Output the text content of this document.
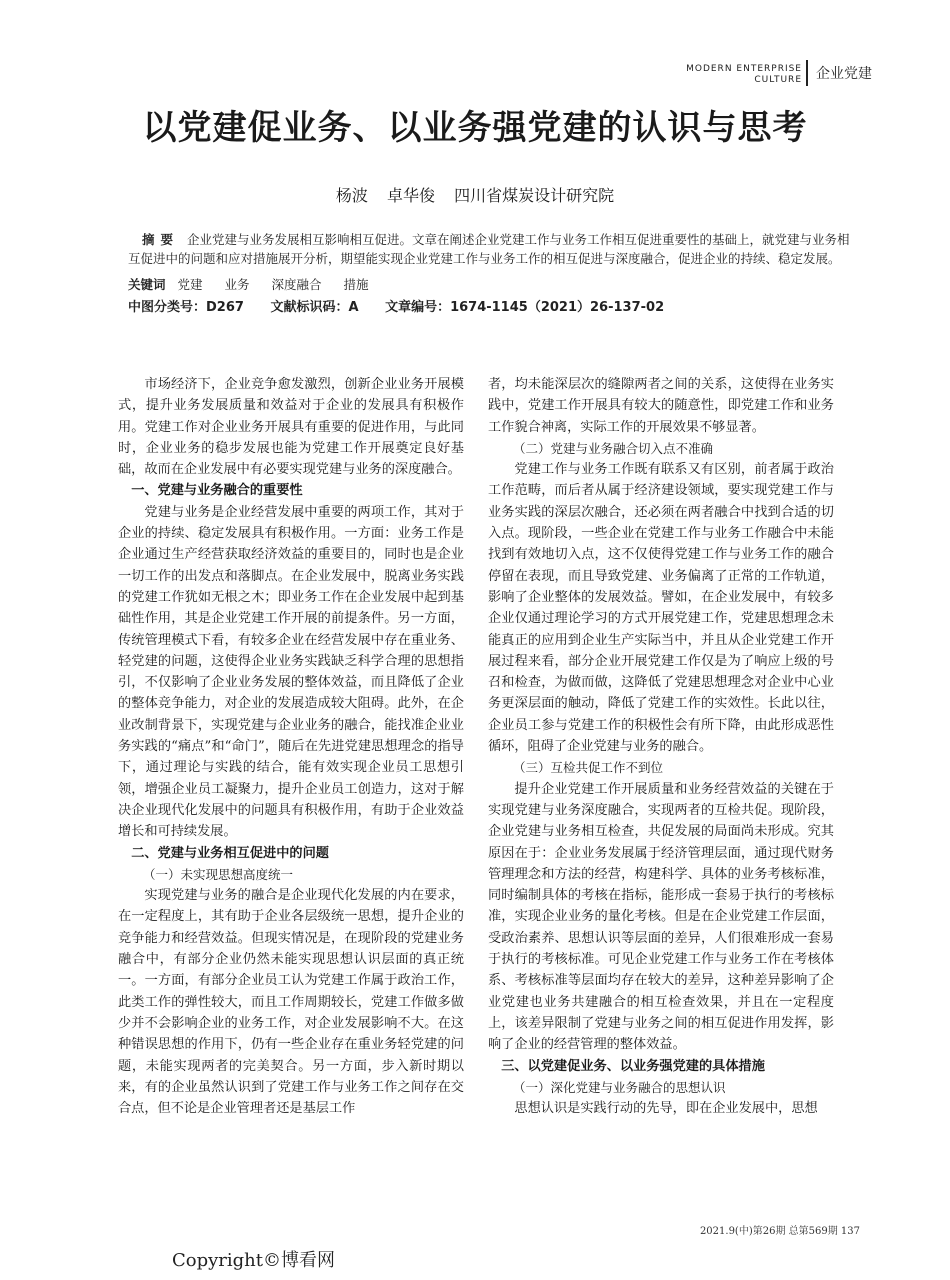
MODERN ENTERPRISE
CULTURE 企业党建
以党建促业务、以业务强党建的认识与思考
杨波 卓华俊 四川省煤炭设计研究院
摘要 企业党建与业务发展相互影响相互促进。文章在阐述企业党建工作与业务工作相互促进重要性的基础上，就党建与业务相互促进中的问题和应对措施展开分析，期望能实现企业党建工作与业务工作的相互促进与深度融合，促进企业的持续、稳定发展。
关键词 党建 业务 深度融合 措施
中图分类号：D267 文献标识码：A 文章编号：1674-1145（2021）26-137-02

市场经济下，企业竞争愈发激烈，创新企业业务开展模式，提升业务发展质量和效益对于企业的发展具有积极作用。党建工作对企业业务开展具有重要的促进作用，与此同时，企业业务的稳步发展也能为党建工作开展奠定良好基础，故而在企业发展中有必要实现党建与业务的深度融合。

一、党建与业务融合的重要性

党建与业务是企业经营发展中重要的两项工作，其对于企业的持续、稳定发展具有积极作用。一方面：业务工作是企业通过生产经营获取经济效益的重要目的，同时也是企业一切工作的出发点和落脚点。在企业发展中，脱离业务实践的党建工作犹如无根之木；即业务工作在企业发展中起到基础性作用，其是企业党建工作开展的前提条件。另一方面，传统管理模式下看，有较多企业在经营发展中存在重业务、轻党建的问题，这使得企业业务实践缺乏科学合理的思想指引，不仅影响了企业业务发展的整体效益，而且降低了企业的整体竞争能力，对企业的发展造成较大阻碍。此外，在企业改制背景下，实现党建与企业业务的融合，能找准企业业务实践的“痛点”和“命门”，随后在先进党建思想理念的指导下，通过理论与实践的结合，能有效实现企业员工思想引领，增强企业员工凝聚力，提升企业员工创造力，这对于解决企业现代化发展中的问题具有积极作用，有助于企业效益增长和可持续发展。

二、党建与业务相互促进中的问题
（一）未实现思想高度统一

实现党建与业务的融合是企业现代化发展的内在要求，在一定程度上，其有助于企业各层级统一思想，提升企业的竞争能力和经营效益。但现实情况是，在现阶段的党建业务融合中，有部分企业仍然未能实现思想认识层面的真正统一。一方面，有部分企业员工认为党建工作属于政治工作，此类工作的弹性较大，而且工作周期较长，党建工作做多做少并不会影响企业的业务工作，对企业发展影响不大。在这种错误思想的作用下，仍有一些企业存在重业务轻党建的问题，未能实现两者的完美契合。另一方面，步入新时期以来，有的企业虽然认识到了党建工作与业务工作之间存在交合点，但不论是企业管理者还是基层工作

者，均未能深层次的缝隙两者之间的关系，这使得在业务实践中，党建工作开展具有较大的随意性，即党建工作和业务工作貌合神离，实际工作的开展效果不够显著。

（二）党建与业务融合切入点不准确

党建工作与业务工作既有联系又有区别，前者属于政治工作范畴，而后者从属于经济建设领域，要实现党建工作与业务实践的深层次融合，还必须在两者融合中找到合适的切入点。现阶段，一些企业在党建工作与业务工作融合中未能找到有效地切入点，这不仅使得党建工作与业务工作的融合停留在表现，而且导致党建、业务偏离了正常的工作轨道，影响了企业整体的发展效益。譬如，在企业发展中，有较多企业仅通过理论学习的方式开展党建工作，党建思想理念未能真正的应用到企业生产实际当中，并且从企业党建工作开展过程来看，部分企业开展党建工作仅是为了响应上级的号召和检查，为做而做，这降低了党建思想理念对企业中心业务更深层面的触动，降低了党建工作的实效性。长此以往，企业员工参与党建工作的积极性会有所下降，由此形成恶性循环，阻碍了企业党建与业务的融合。

（三）互检共促工作不到位

提升企业党建工作开展质量和业务经营效益的关键在于实现党建与业务深度融合，实现两者的互检共促。现阶段，企业党建与业务相互检查，共促发展的局面尚未形成。究其原因在于：企业业务发展属于经济管理层面，通过现代财务管理理念和方法的经营，构建科学、具体的业务考核标准，同时编制具体的考核在指标，能形成一套易于执行的考核标准，实现企业业务的量化考核。但是在企业党建工作层面，受政治素养、思想认识等层面的差异，人们很难形成一套易于执行的考核标准。可见企业党建工作与业务工作在考核体系、考核标准等层面均存在较大的差异，这种差异影响了企业党建也业务共建融合的相互检查效果，并且在一定程度上，该差异限制了党建与业务之间的相互促进作用发挥，影响了企业的经营管理的整体效益。

三、以党建促业务、以业务强党建的具体措施
（一）深化党建与业务融合的思想认识

思想认识是实践行动的先导，即在企业发展中，思想

2021.9(中)第26期 总第569期 137
Copyright©博看网
